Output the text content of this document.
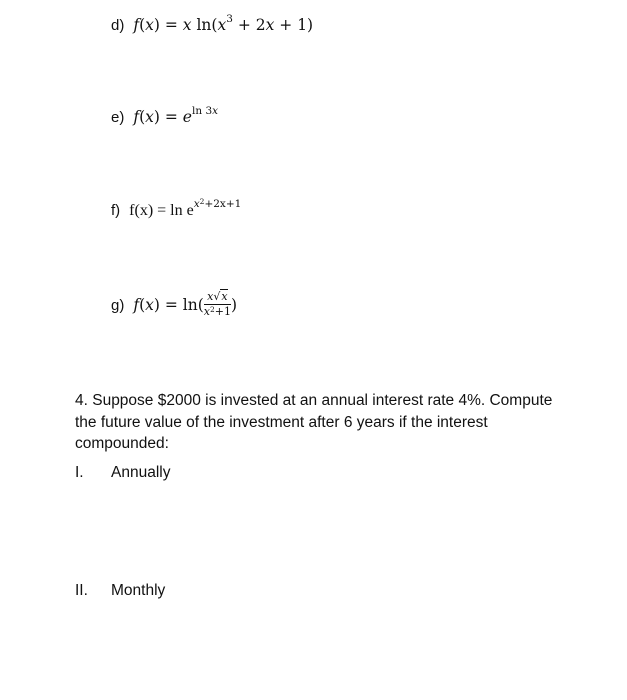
d) f(x) = x $\ln(x^3 + 2x + 1)$
e) $f(x) = e^{ln 3x}$
f) $f(x) = \ln e^{x^2+2x+1}$
g) $f(x) = \ln( \frac{x√x}{x^2+1}$ )
4. Suppose $2000 is invested at an annual interest rate 4%. Compute the future value of the investment after 6 years if the interest compounded:
I. Annually
II. Monthly
